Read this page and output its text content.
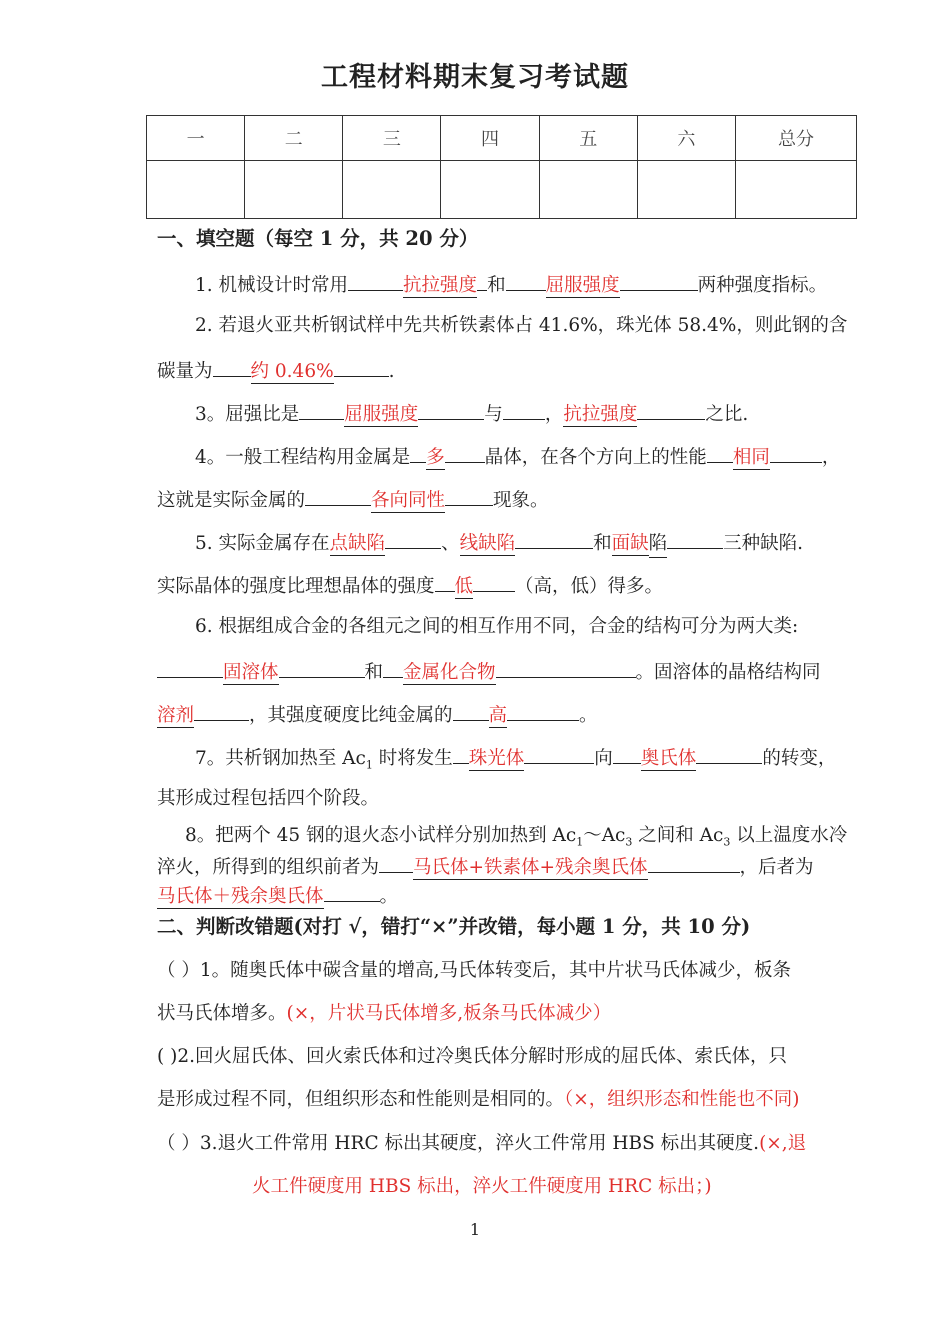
工程材料期末复习考试题
一	二	三	四	五	六	总分

一、填空题（每空 1 分，共 20 分）
1. 机械设计时常用	抗拉强度 和 屈服强度	两种强度指标。
2. 若退火亚共析钢试样中先共析铁素体占 41.6%，珠光体 58.4%，则此钢的含
碳量为 约 0.46%	.
3。屈强比是 屈服强度	与 ，抗拉强度	之比.
4。一般工程结构用金属是 多 晶体，在各个方向上的性能 相同	，
这就是实际金属的	各向同性	现象。
5. 实际金属存在点缺陷	、线缺陷	和面缺陷	三种缺陷.
实际晶体的强度比理想晶体的强度 低 （高，低）得多。
6. 根据组成合金的各组元之间的相互作用不同，合金的结构可分为两大类:
固溶体	和 金属化合物	。固溶体的晶格结构同
溶剂	，其强度硬度比纯金属的 高	。
7。共析钢加热至 $Ac_1$ 时将发生 珠光体	向 奥氏体	的转变，
其形成过程包括四个阶段。
8。把两个 45 钢的退火态小试样分别加热到 $Ac_1\sim Ac_3$ 之间和 $Ac_3$ 以上温度水冷
淬火，所得到的组织前者为 马氏体+铁素体+残余奥氏体	，后者为
马氏体＋残余奥氏体	。
二、判断改错题(对打 √，错打“×”并改错，每小题 1 分，共 10 分)
（ ）1。随奥氏体中碳含量的增高,马氏体转变后，其中片状马氏体减少，板条
状马氏体增多。(×，片状马氏体增多,板条马氏体减少）
( )2.回火屈氏体、回火索氏体和过冷奥氏体分解时形成的屈氏体、索氏体，只
是形成过程不同，但组织形态和性能则是相同的。（×，组织形态和性能也不同)
（ ）3.退火工件常用 HRC 标出其硬度，淬火工件常用 HBS 标出其硬度.(×,退
火工件硬度用 HBS 标出，淬火工件硬度用 HRC 标出；)
1
